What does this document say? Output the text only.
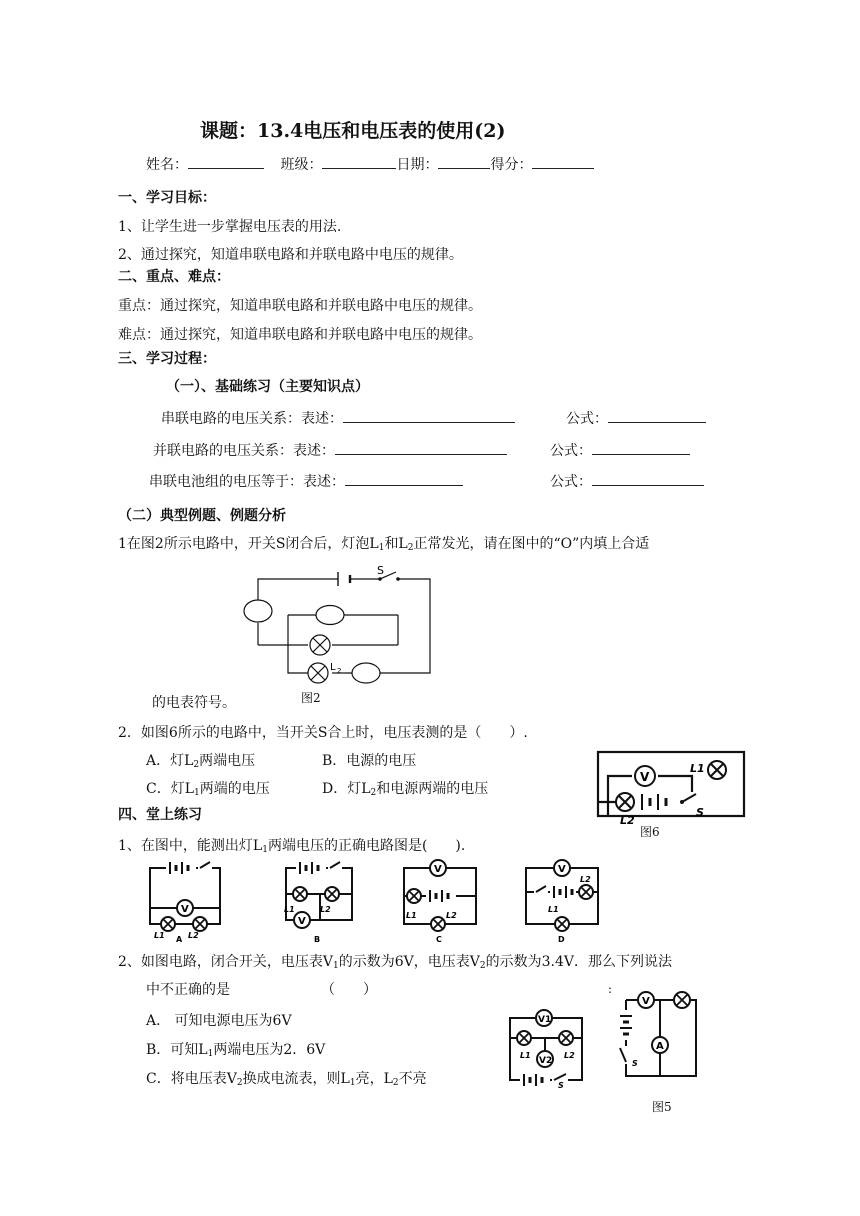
课题：13.4电压和电压表的使用(2)
姓名：	班级：	日期：	得分：
一、学习目标：
1、让学生进一步掌握电压表的用法.
2、通过探究，知道串联电路和并联电路中电压的规律。
二、重点、难点：
重点：通过探究，知道串联电路和并联电路中电压的规律。
难点：通过探究，知道串联电路和并联电路中电压的规律。
三、学习过程：
（一）、基础练习（主要知识点）
串联电路的电压关系：表述：	公式：
并联电路的电压关系：表述：	公式：
串联电池组的电压等于：表述：	公式：
（二）典型例题、例题分析
1在图2所示电路中，开关S闭合后，灯泡$L_1$和$L_2$正常发光，请在图中的“O”内填上合适
S
L 2
的电表符号。	图2
2．如图6所示的电路中，当开关S合上时，电压表测的是（　　）.
A．灯$L_2$两端电压	B．电源的电压
C．灯$L_1$两端的电压	D．灯$L_2$和电源两端的电压
V
L1
L2
S
图6
四、堂上练习
1、在图中，能测出灯$L_1$两端电压的正确电路图是(　　).
V
L1	L2
A
V
L1	L2
B
V
L1	L2
C
V
L2
L1
D
2、如图电路，闭合开关，电压表$V_1$的示数为6V，电压表$V_2$的示数为3.4V．那么下列说法
中不正确的是　　　　　　　（　　）
A． 可知电源电压为6V
B．可知$L_1$两端电压为2．6V
C．将电压表$V_2$换成电流表，则$L_1$亮，$L_2$不亮
V1
V2
L1	L2
S
:
V
A
S
图5
